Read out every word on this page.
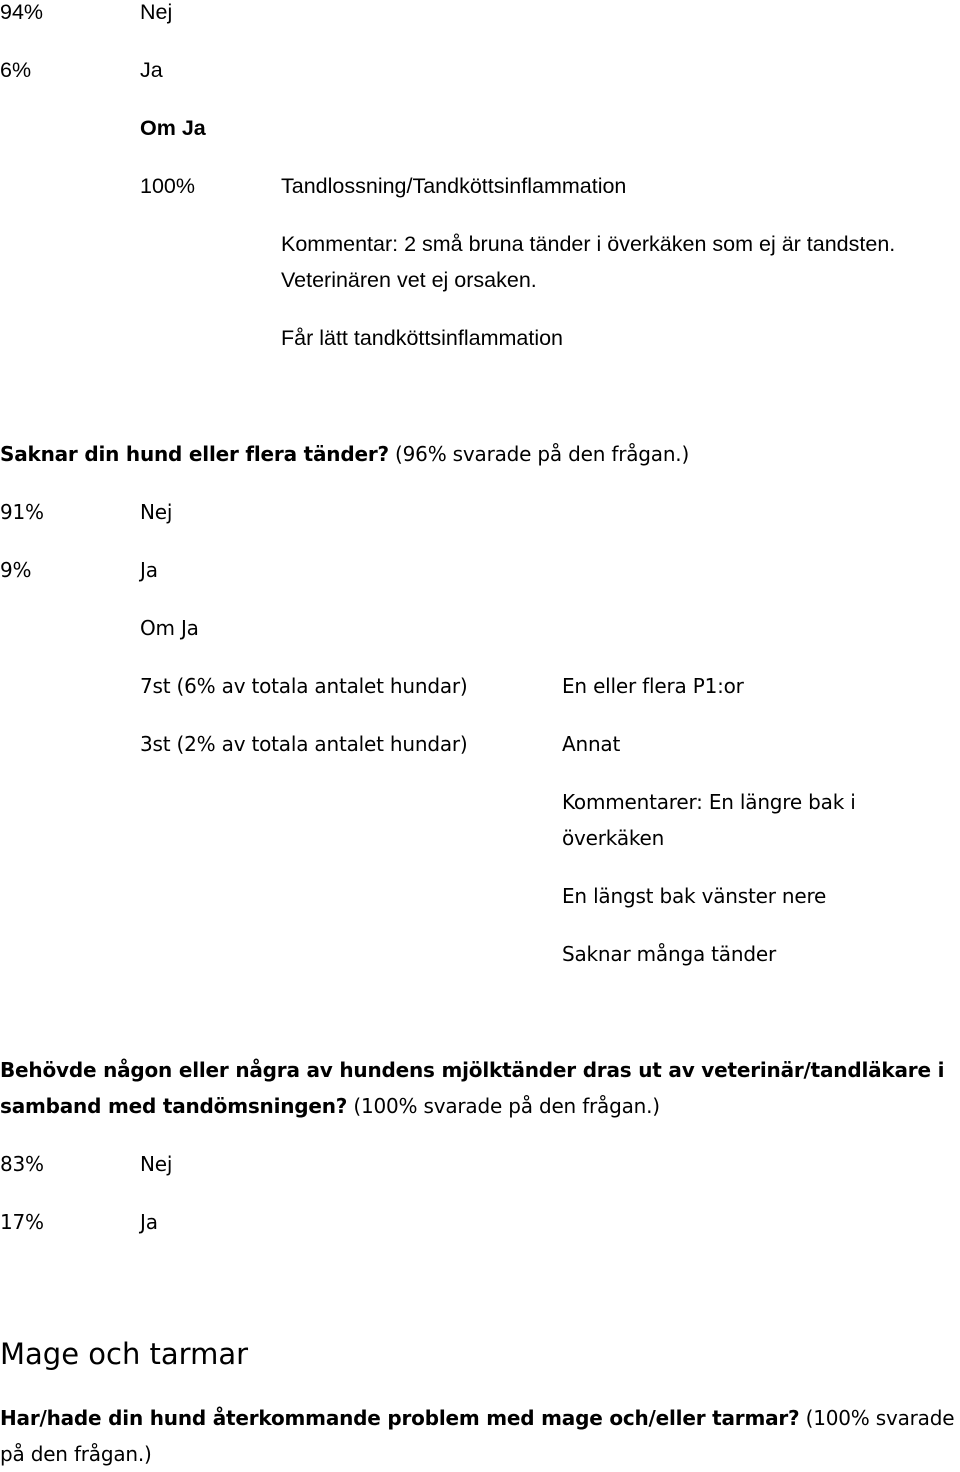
94%	Nej
6%	Ja
Om Ja
100%	Tandlossning/Tandköttsinflammation
Kommentar: 2 små bruna tänder i överkäken som ej är tandsten.
Veterinären vet ej orsaken.
Får lätt tandköttsinflammation
Saknar din hund eller flera tänder? (96% svarade på den frågan.)
91%	Nej
9%	Ja
Om Ja
7st (6% av totala antalet hundar)	En eller flera P1:or
3st (2% av totala antalet hundar)	Annat
Kommentarer: En längre bak i
överkäken
En längst bak vänster nere
Saknar många tänder
Behövde någon eller några av hundens mjölktänder dras ut av veterinär/tandläkare i
samband med tandömsningen? (100% svarade på den frågan.)
83%	Nej
17%	Ja
Mage och tarmar
Har/hade din hund återkommande problem med mage och/eller tarmar? (100% svarade
på den frågan.)
